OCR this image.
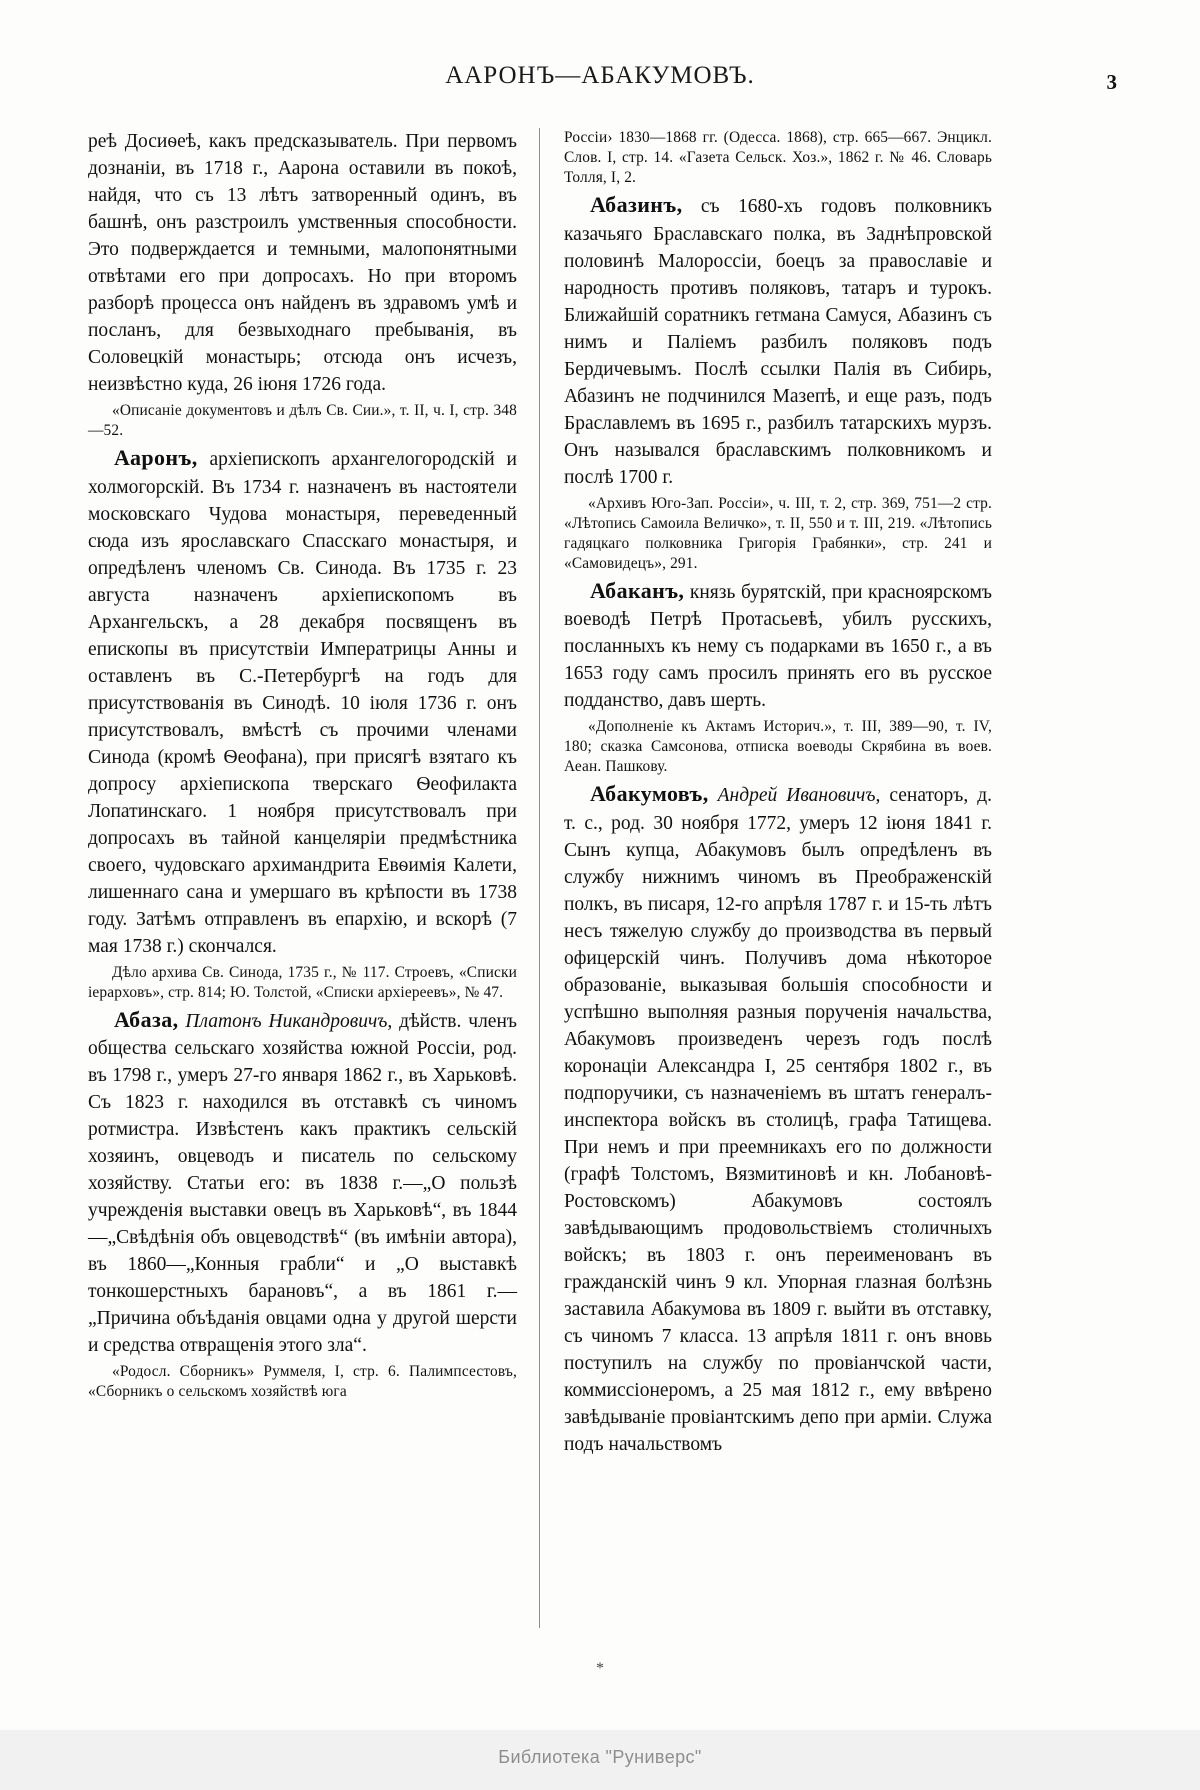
ААРОНЪ—АБАКУМОВЪ.	3

реѣ Досиѳеѣ, какъ предсказыватель. При первомъ дознаніи, въ 1718 г., Аарона оставили въ покоѣ, найдя, что съ 13 лѣтъ затворенный одинъ, въ башнѣ, онъ разстроилъ умственныя способности. Это подверждается и темными, малопонятными отвѣтами его при допросахъ. Но при второмъ разборѣ процесса онъ найденъ въ здравомъ умѣ и посланъ, для безвыходнаго пребыванія, въ Соловецкій монастырь; отсюда онъ исчезъ, неизвѣстно куда, 26 іюня 1726 года.

«Описаніе документовъ и дѣлъ Св. Сии.», т. II, ч. I, стр. 348—52.

Ааронъ, архіепископъ архангелогородскій и холмогорскій. Въ 1734 г. назначенъ въ настоятели московскаго Чудова монастыря, переведенный сюда изъ ярославскаго Спасскаго монастыря, и опредѣленъ членомъ Св. Синода. Въ 1735 г. 23 августа назначенъ архіепископомъ въ Архангельскъ, а 28 декабря посвященъ въ епископы въ присутствіи Императрицы Анны и оставленъ въ С.-Петербургѣ на годъ для присутствованія въ Синодѣ. 10 іюля 1736 г. онъ присутствовалъ, вмѣстѣ съ прочими членами Синода (кромѣ Ѳеофана), при присягѣ взятаго къ допросу архіепископа тверскаго Ѳеофилакта Лопатинскаго. 1 ноября присутствовалъ при допросахъ въ тайной канцеляріи предмѣстника своего, чудовскаго архимандрита Евѳимія Калети, лишеннаго сана и умершаго въ крѣпости въ 1738 году. Затѣмъ отправленъ въ епархію, и вскорѣ (7 мая 1738 г.) скончался.

Дѣло архива Св. Синода, 1735 г., № 117. Строевъ, «Списки іерарховъ», стр. 814; Ю. Толстой, «Списки архіереевъ», № 47.

Абаза, Платонъ Никандровичъ, дѣйств. членъ общества сельскаго хозяйства южной Россіи, род. въ 1798 г., умеръ 27-го января 1862 г., въ Харьковѣ. Съ 1823 г. находился въ отставкѣ съ чиномъ ротмистра. Извѣстенъ какъ практикъ сельскій хозяинъ, овцеводъ и писатель по сельскому хозяйству. Статьи его: въ 1838 г.—„О пользѣ учрежденія выставки овецъ въ Харьковѣ“, въ 1844—„Свѣдѣнія объ овцеводствѣ“ (въ имѣніи автора), въ 1860—„Конныя грабли“ и „О выставкѣ тонкошерстныхъ барановъ“, а въ 1861 г.—„Причина объѣданія овцами одна у другой шерсти и средства отвращенія этого зла“.

«Родосл. Сборникъ» Руммеля, I, стр. 6. Палимпсестовъ, «Сборникъ о сельскомъ хозяйствѣ юга

Россіи› 1830—1868 гг. (Одесса. 1868), стр. 665—667. Энцикл. Слов. I, стр. 14. «Газета Сельск. Хоз.», 1862 г. № 46. Словарь Толля, I, 2.

Абазинъ, съ 1680-хъ годовъ полковникъ казачьяго Браславскаго полка, въ Заднѣпровской половинѣ Малороссіи, боецъ за православіе и народность противъ поляковъ, татаръ и турокъ. Ближайшій соратникъ гетмана Самуся, Абазинъ съ нимъ и Паліемъ разбилъ поляковъ подъ Бердичевымъ. Послѣ ссылки Палія въ Сибирь, Абазинъ не подчинился Мазепѣ, и еще разъ, подъ Браславлемъ въ 1695 г., разбилъ татарскихъ мурзъ. Онъ назывался браславскимъ полковникомъ и послѣ 1700 г.

«Архивъ Юго-Зап. Россіи», ч. III, т. 2, стр. 369, 751—2 стр. «Лѣтопись Самоила Величко», т. II, 550 и т. III, 219. «Лѣтопись гадяцкаго полковника Григорія Грабянки», стр. 241 и «Самовидецъ», 291.

Абаканъ, князь бурятскій, при красноярскомъ воеводѣ Петрѣ Протасьевѣ, убилъ русскихъ, посланныхъ къ нему съ подарками въ 1650 г., а въ 1653 году самъ просилъ принять его въ русское подданство, давъ шерть.

«Дополненіе къ Актамъ Историч.», т. III, 389—90, т. IV, 180; сказка Самсонова, отписка воеводы Скрябина въ воев. Аеан. Пашкову.

Абакумовъ, Андрей Ивановичъ, сенаторъ, д. т. с., род. 30 ноября 1772, умеръ 12 іюня 1841 г. Сынъ купца, Абакумовъ былъ опредѣленъ въ службу нижнимъ чиномъ въ Преображенскій полкъ, въ писаря, 12-го апрѣля 1787 г. и 15-ть лѣтъ несъ тяжелую службу до производства въ первый офицерскій чинъ. Получивъ дома нѣкоторое образованіе, выказывая большія способности и успѣшно выполняя разныя порученія начальства, Абакумовъ произведенъ черезъ годъ послѣ коронаціи Александра I, 25 сентября 1802 г., въ подпоручики, съ назначеніемъ въ штатъ генералъ-инспектора войскъ въ столицѣ, графа Татищева. При немъ и при преемникахъ его по должности (графѣ Толстомъ, Вязмитиновѣ и кн. Лобановѣ-Ростовскомъ) Абакумовъ состоялъ завѣдывающимъ продовольствіемъ столичныхъ войскъ; въ 1803 г. онъ переименованъ въ гражданскій чинъ 9 кл. Упорная глазная болѣзнь заставила Абакумова въ 1809 г. выйти въ отставку, съ чиномъ 7 класса. 13 апрѣля 1811 г. онъ вновь поступилъ на службу по провіанчской части, коммиссіонеромъ, а 25 мая 1812 г., ему ввѣрено завѣдываніе провіантскимъ депо при арміи. Служа подъ начальствомъ

*
Библиотека "Руниверс"
